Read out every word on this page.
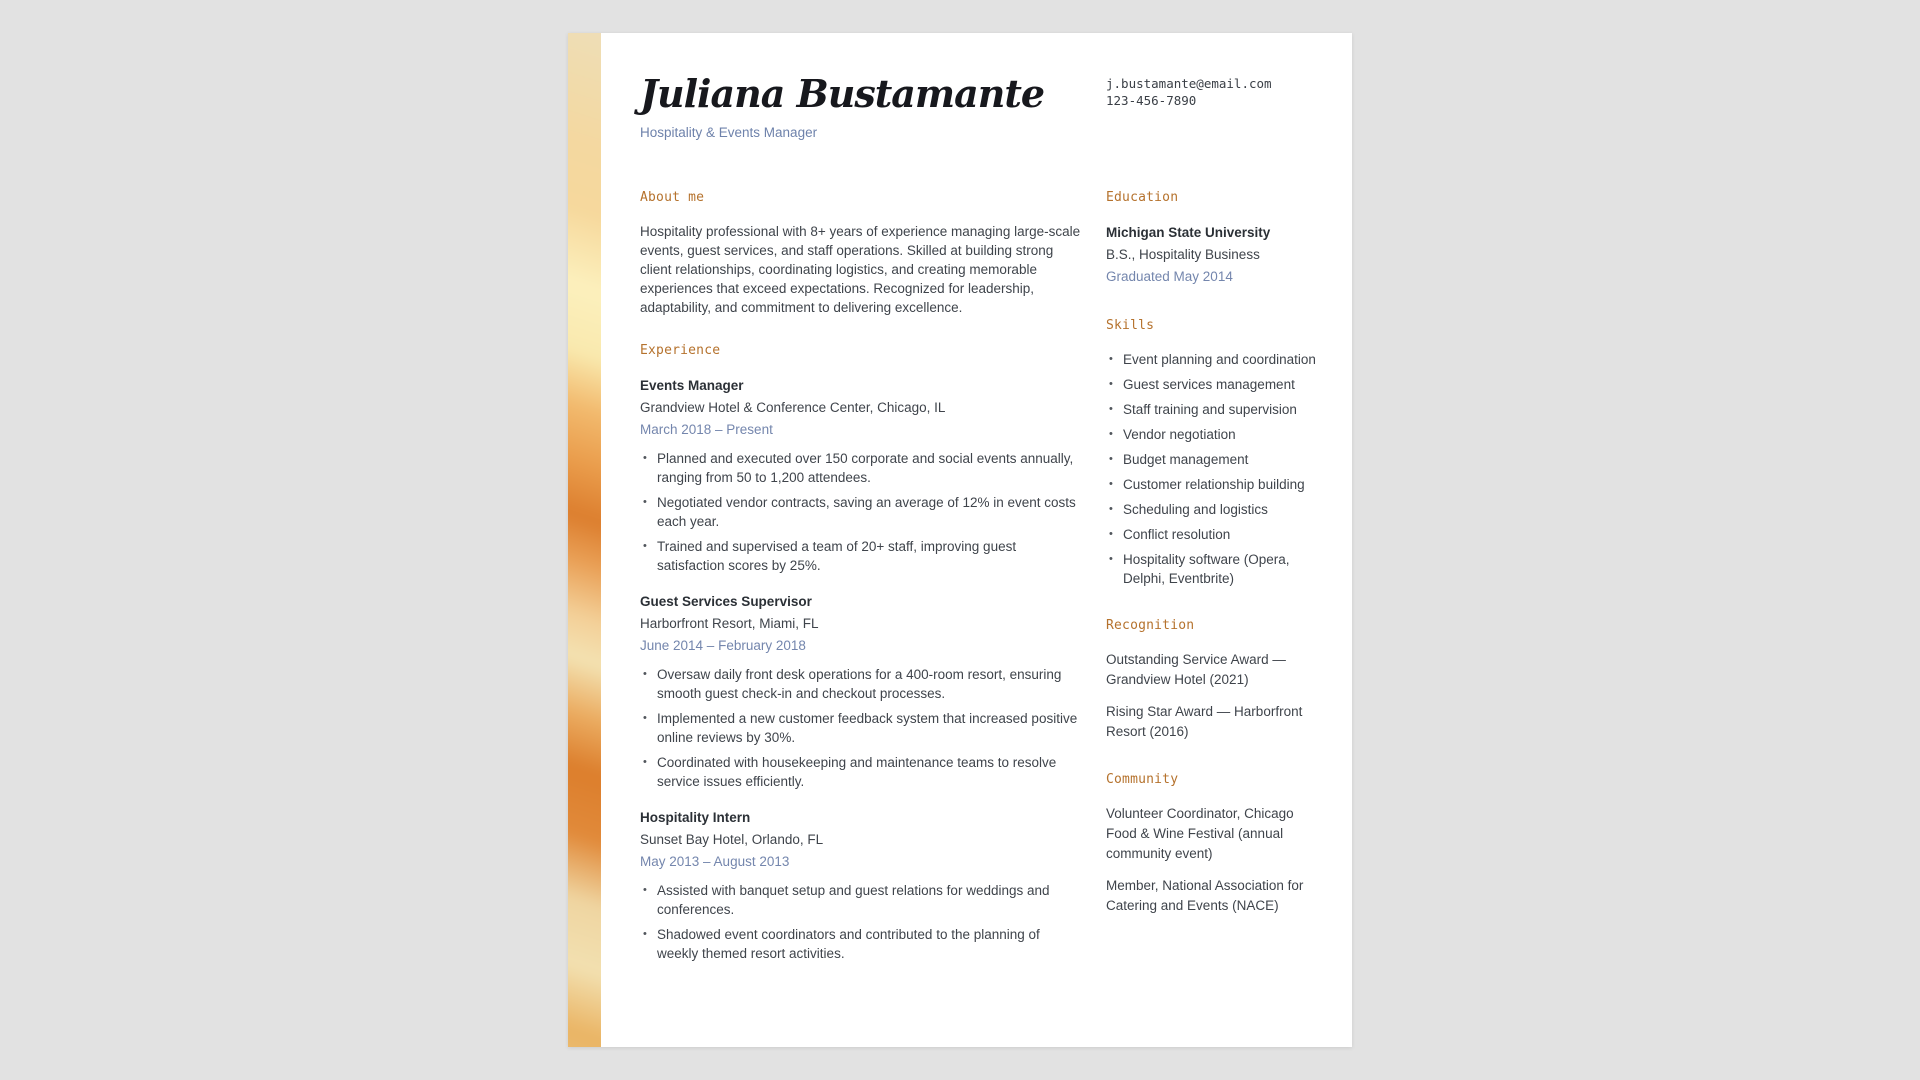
Juliana Bustamante
Hospitality & Events Manager
j.bustamante@email.com
123-456-7890
About me

Hospitality professional with 8+ years of experience managing large-scale events, guest services, and staff operations. Skilled at building strong client relationships, coordinating logistics, and creating memorable experiences that exceed expectations. Recognized for leadership, adaptability, and commitment to delivering excellence.

Experience
Events Manager
Grandview Hotel & Conference Center, Chicago, IL
March 2018 – Present
• Planned and executed over 150 corporate and social events annually, ranging from 50 to 1,200 attendees.
• Negotiated vendor contracts, saving an average of 12% in event costs each year.
• Trained and supervised a team of 20+ staff, improving guest satisfaction scores by 25%.
Guest Services Supervisor
Harborfront Resort, Miami, FL
June 2014 – February 2018
• Oversaw daily front desk operations for a 400-room resort, ensuring smooth guest check-in and checkout processes.
• Implemented a new customer feedback system that increased positive online reviews by 30%.
• Coordinated with housekeeping and maintenance teams to resolve service issues efficiently.
Hospitality Intern
Sunset Bay Hotel, Orlando, FL
May 2013 – August 2013
• Assisted with banquet setup and guest relations for weddings and conferences.
• Shadowed event coordinators and contributed to the planning of weekly themed resort activities.
Education
Michigan State University
B.S., Hospitality Business
Graduated May 2014
Skills
• Event planning and coordination
• Guest services management
• Staff training and supervision
• Vendor negotiation
• Budget management
• Customer relationship building
• Scheduling and logistics
• Conflict resolution
• Hospitality software (Opera, Delphi, Eventbrite)
Recognition

Outstanding Service Award — Grandview Hotel (2021)

Rising Star Award — Harborfront Resort (2016)

Community

Volunteer Coordinator, Chicago Food & Wine Festival (annual community event)

Member, National Association for Catering and Events (NACE)
